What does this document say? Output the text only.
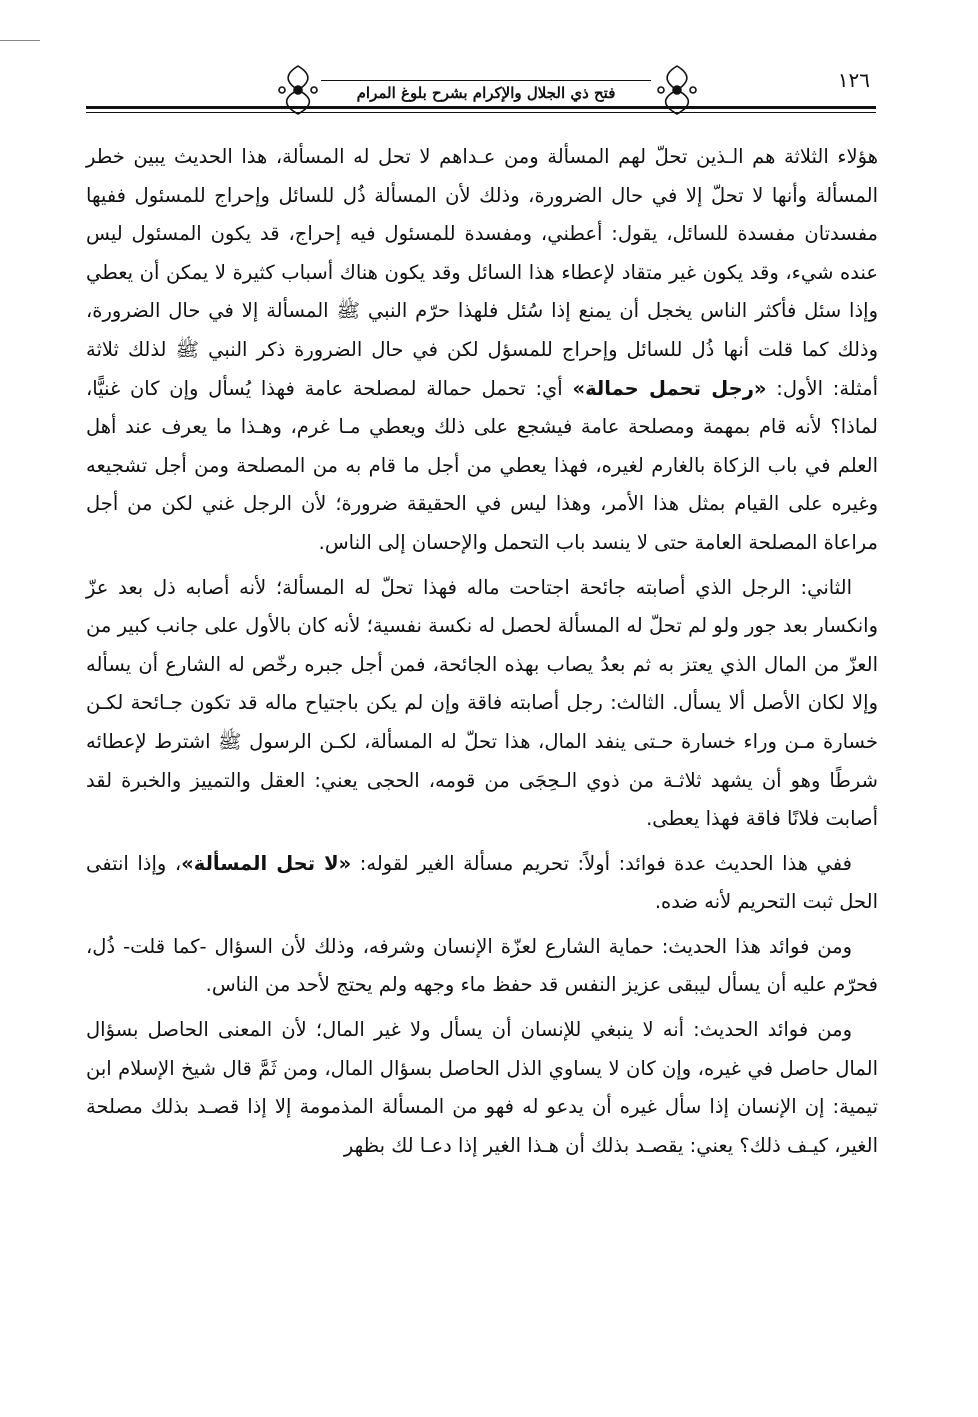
فتح ذي الجلال والإكرام بشرح بلوغ المرام
١٢٦

هؤلاء الثلاثة هم الـذين تحلّ لهم المسألة ومن عـداهم لا تحل له المسألة، هذا الحديث يبين خطر المسألة وأنها لا تحلّ إلا في حال الضرورة، وذلك لأن المسألة ذُل للسائل وإحراج للمسئول ففيها مفسدتان مفسدة للسائل، يقول: أعطني، ومفسدة للمسئول فيه إحراج، قد يكون المسئول ليس عنده شيء، وقد يكون غير متقاد لإعطاء هذا السائل وقد يكون هناك أسباب كثيرة لا يمكن أن يعطي وإذا سئل فأكثر الناس يخجل أن يمنع إذا سُئل فلهذا حرّم النبي ﷺ المسألة إلا في حال الضرورة، وذلك كما قلت أنها ذُل للسائل وإحراج للمسؤل لكن في حال الضرورة ذكر النبي ﷺ لذلك ثلاثة أمثلة: الأول: «رجل تحمل حمالة» أي: تحمل حمالة لمصلحة عامة فهذا يُسأل وإن كان غنيًّا، لماذا؟ لأنه قام بمهمة ومصلحة عامة فيشجع على ذلك ويعطي مـا غرم، وهـذا ما يعرف عند أهل العلم في باب الزكاة بالغارم لغيره، فهذا يعطي من أجل ما قام به من المصلحة ومن أجل تشجيعه وغيره على القيام بمثل هذا الأمر، وهذا ليس في الحقيقة ضرورة؛ لأن الرجل غني لكن من أجل مراعاة المصلحة العامة حتى لا ينسد باب التحمل والإحسان إلى الناس.

الثاني: الرجل الذي أصابته جائحة اجتاحت ماله فهذا تحلّ له المسألة؛ لأنه أصابه ذل بعد عزّ وانكسار بعد جور ولو لم تحلّ له المسألة لحصل له نكسة نفسية؛ لأنه كان بالأول على جانب كبير من العزّ من المال الذي يعتز به ثم بعدُ يصاب بهذه الجائحة، فمن أجل جبره رخّص له الشارع أن يسأله وإلا لكان الأصل ألا يسأل. الثالث: رجل أصابته فاقة وإن لم يكن باجتياح ماله قد تكون جـائحة لكـن خسارة مـن وراء خسارة حـتى ينفد المال، هذا تحلّ له المسألة، لكـن الرسول ﷺ اشترط لإعطائه شرطًا وهو أن يشهد ثلاثـة من ذوي الـحِجَى من قومه، الحجى يعني: العقل والتمييز والخبرة لقد أصابت فلانًا فاقة فهذا يعطى.

ففي هذا الحديث عدة فوائد: أولاً: تحريم مسألة الغير لقوله: «لا تحل المسألة»، وإذا انتفى الحل ثبت التحريم لأنه ضده.

ومن فوائد هذا الحديث: حماية الشارع لعزّة الإنسان وشرفه، وذلك لأن السؤال -كما قلت- ذُل، فحرّم عليه أن يسأل ليبقى عزيز النفس قد حفظ ماء وجهه ولم يحتج لأحد من الناس.

ومن فوائد الحديث: أنه لا ينبغي للإنسان أن يسأل ولا غير المال؛ لأن المعنى الحاصل بسؤال المال حاصل في غيره، وإن كان لا يساوي الذل الحاصل بسؤال المال، ومن ثَمَّ قال شيخ الإسلام ابن تيمية: إن الإنسان إذا سأل غيره أن يدعو له فهو من المسألة المذمومة إلا إذا قصـد بذلك مصلحة الغير، كيـف ذلك؟ يعني: يقصـد بذلك أن هـذا الغير إذا دعـا لك بظهر
